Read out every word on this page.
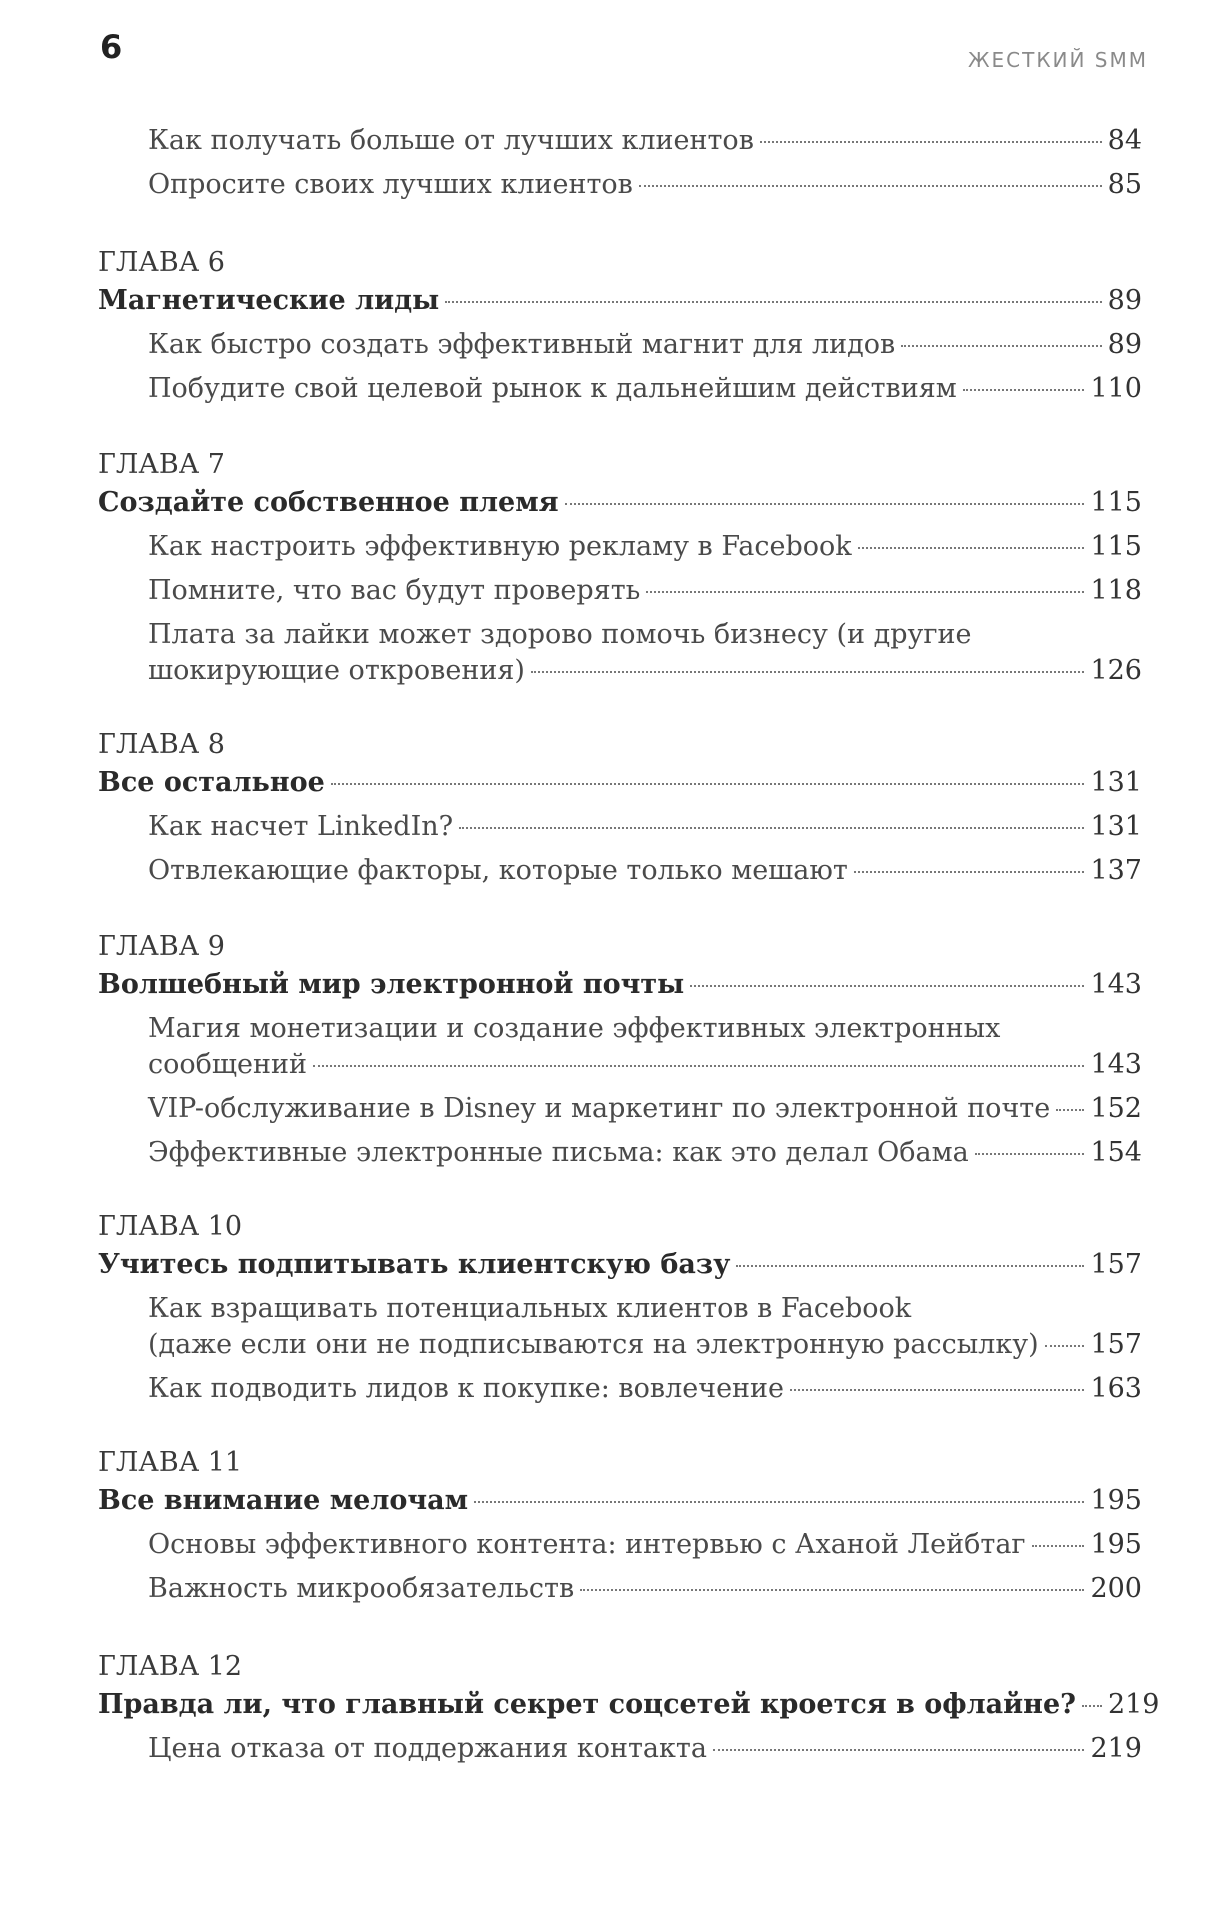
6	ЖЕСТКИЙ SMM
Как получать больше от лучших клиентов	84
Опросите своих лучших клиентов	85
ГЛАВА 6
Магнетические лиды	89
Как быстро создать эффективный магнит для лидов	89
Побудите свой целевой рынок к дальнейшим действиям	110
ГЛАВА 7
Создайте собственное племя	115
Как настроить эффективную рекламу в Facebook	115
Помните, что вас будут проверять	118
Плата за лайки может здорово помочь бизнесу (и другие
шокирующие откровения)	126
ГЛАВА 8
Все остальное	131
Как насчет LinkedIn?	131
Отвлекающие факторы, которые только мешают	137
ГЛАВА 9
Волшебный мир электронной почты	143
Магия монетизации и создание эффективных электронных
сообщений	143
VIP-обслуживание в Disney и маркетинг по электронной почте 152
Эффективные электронные письма: как это делал Обама	154
ГЛАВА 10
Учитесь подпитывать клиентскую базу	157
Как взращивать потенциальных клиентов в Facebook
(даже если они не подписываются на электронную рассылку) 157
Как подводить лидов к покупке: вовлечение	163
ГЛАВА 11
Все внимание мелочам	195
Основы эффективного контента: интервью с Аханой Лейбтаг 195
Важность микрообязательств	200
ГЛАВА 12
Правда ли, что главный секрет соцсетей кроется в офлайне? 219
Цена отказа от поддержания контакта	219
